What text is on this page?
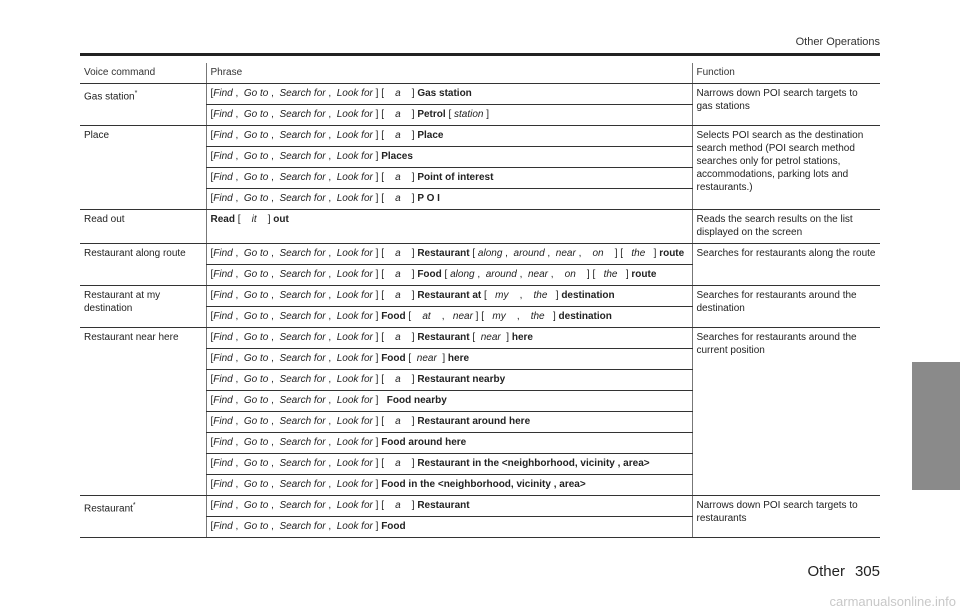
Other Operations
Voice command	Phrase	Function
Gas station*	[Find ,  Go to ,  Search for ,  Look for ] [    a    ] Gas station	Narrows down POI search targets to gas stations
	[Find ,  Go to ,  Search for ,  Look for ] [    a    ] Petrol [ station ]	
Place	[Find ,  Go to ,  Search for ,  Look for ] [    a    ] Place	Selects POI search as the destination search method (POI search method searches only for petrol stations, accommodations, parking lots and restaurants.)
	[Find ,  Go to ,  Search for ,  Look for ] Places	
	[Find ,  Go to ,  Search for ,  Look for ] [    a    ] Point of interest	
	[Find ,  Go to ,  Search for ,  Look for ] [    a    ] P O I	
Read out	Read [    it    ] out	Reads the search results on the list displayed on the screen
Restaurant along route	[Find ,  Go to ,  Search for ,  Look for ] [    a    ] Restaurant [ along ,  around ,  near ,    on    ] [   the   ] route	Searches for restaurants along the route
	[Find ,  Go to ,  Search for ,  Look for ] [    a    ] Food [ along ,  around ,  near ,    on    ] [   the   ] route	
Restaurant at my destination	[Find ,  Go to ,  Search for ,  Look for ] [    a    ] Restaurant at [   my    ,    the   ] destination	Searches for restaurants around the destination
	[Find ,  Go to ,  Search for ,  Look for ] Food [    at    ,   near ] [   my    ,    the   ] destination	
Restaurant near here	[Find ,  Go to ,  Search for ,  Look for ] [    a    ] Restaurant [  near  ] here	Searches for restaurants around the current position
	[Find ,  Go to ,  Search for ,  Look for ] Food [  near  ] here	
	[Find ,  Go to ,  Search for ,  Look for ] [    a    ] Restaurant nearby	
	[Find ,  Go to ,  Search for ,  Look for ]   Food nearby	
	[Find ,  Go to ,  Search for ,  Look for ] [    a    ] Restaurant around here	
	[Find ,  Go to ,  Search for ,  Look for ] Food around here	
	[Find ,  Go to ,  Search for ,  Look for ] [    a    ] Restaurant in the <neighborhood, vicinity , area>	
	[Find ,  Go to ,  Search for ,  Look for ] Food in the <neighborhood, vicinity , area>	
Restaurant*	[Find ,  Go to ,  Search for ,  Look for ] [    a    ] Restaurant	Narrows down POI search targets to restaurants
	[Find ,  Go to ,  Search for ,  Look for ] Food	
Other 305
carmanualsonline.info
